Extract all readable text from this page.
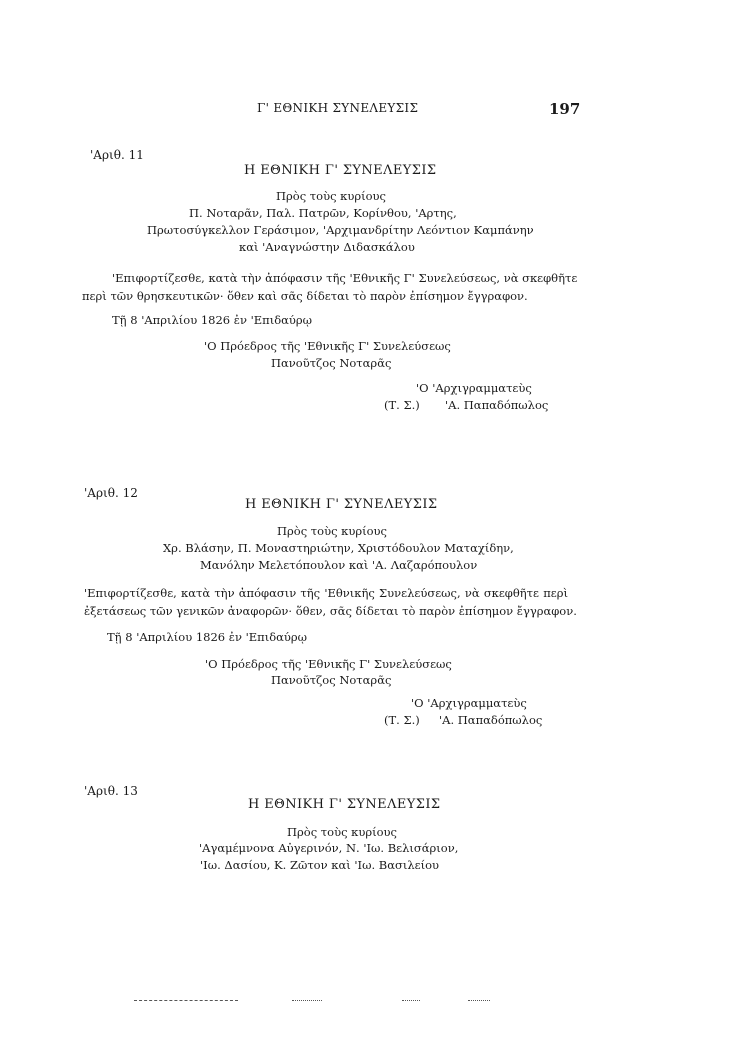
Γ' ΕΘΝΙΚΗ ΣΥΝΕΛΕΥΣΙΣ	197
'Αριθ. 11
Η ΕΘΝΙΚΗ Γ' ΣΥΝΕΛΕΥΣΙΣ
Πρὸς τοὺς κυρίους
Π. Νοταρᾶν, Παλ. Πατρῶν, Κορίνθου, 'Αρτης,
Πρωτοσύγκελλον Γεράσιμον, 'Αρχιμανδρίτην Λεόντιον Καμπάνην
καὶ 'Αναγνώστην Διδασκάλου
'Επιφορτίζεσθε, κατὰ τὴν ἀπόφασιν τῆς 'Εθνικῆς Γ' Συνελεύσεως, νὰ σκεφθῆτε
περὶ τῶν θρησκευτικῶν· ὅθεν καὶ σᾶς δίδεται τὸ παρὸν ἐπίσημον ἔγγραφον.
Τῇ 8 'Απριλίου 1826 ἐν 'Επιδαύρῳ
'Ο Πρόεδρος τῆς 'Εθνικῆς Γ' Συνελεύσεως
Πανοῦτζος Νοταρᾶς
'Ο 'Αρχιγραμματεὺς
(Τ. Σ.) 'Α. Παπαδόπωλος
'Αριθ. 12
Η ΕΘΝΙΚΗ Γ' ΣΥΝΕΛΕΥΣΙΣ
Πρὸς τοὺς κυρίους
Χρ. Βλάσην, Π. Μοναστηριώτην, Χριστόδουλον Ματαχίδην,
Μανόλην Μελετόπουλον καὶ 'Α. Λαζαρόπουλον
'Επιφορτίζεσθε, κατὰ τὴν ἀπόφασιν τῆς 'Εθνικῆς Συνελεύσεως, νὰ σκεφθῆτε περὶ
ἐξετάσεως τῶν γενικῶν ἀναφορῶν· ὅθεν, σᾶς δίδεται τὸ παρὸν ἐπίσημον ἔγγραφον.
Τῇ 8 'Απριλίου 1826 ἐν 'Επιδαύρῳ
'Ο Πρόεδρος τῆς 'Εθνικῆς Γ' Συνελεύσεως
Πανοῦτζος Νοταρᾶς
'Ο 'Αρχιγραμματεὺς
(Τ. Σ.) 'Α. Παπαδόπωλος
'Αριθ. 13
Η ΕΘΝΙΚΗ Γ' ΣΥΝΕΛΕΥΣΙΣ
Πρὸς τοὺς κυρίους
'Αγαμέμνονα Αὐγερινόν, Ν. 'Ιω. Βελισάριον,
'Ιω. Δασίου, Κ. Ζῶτον καὶ 'Ιω. Βασιλείου
